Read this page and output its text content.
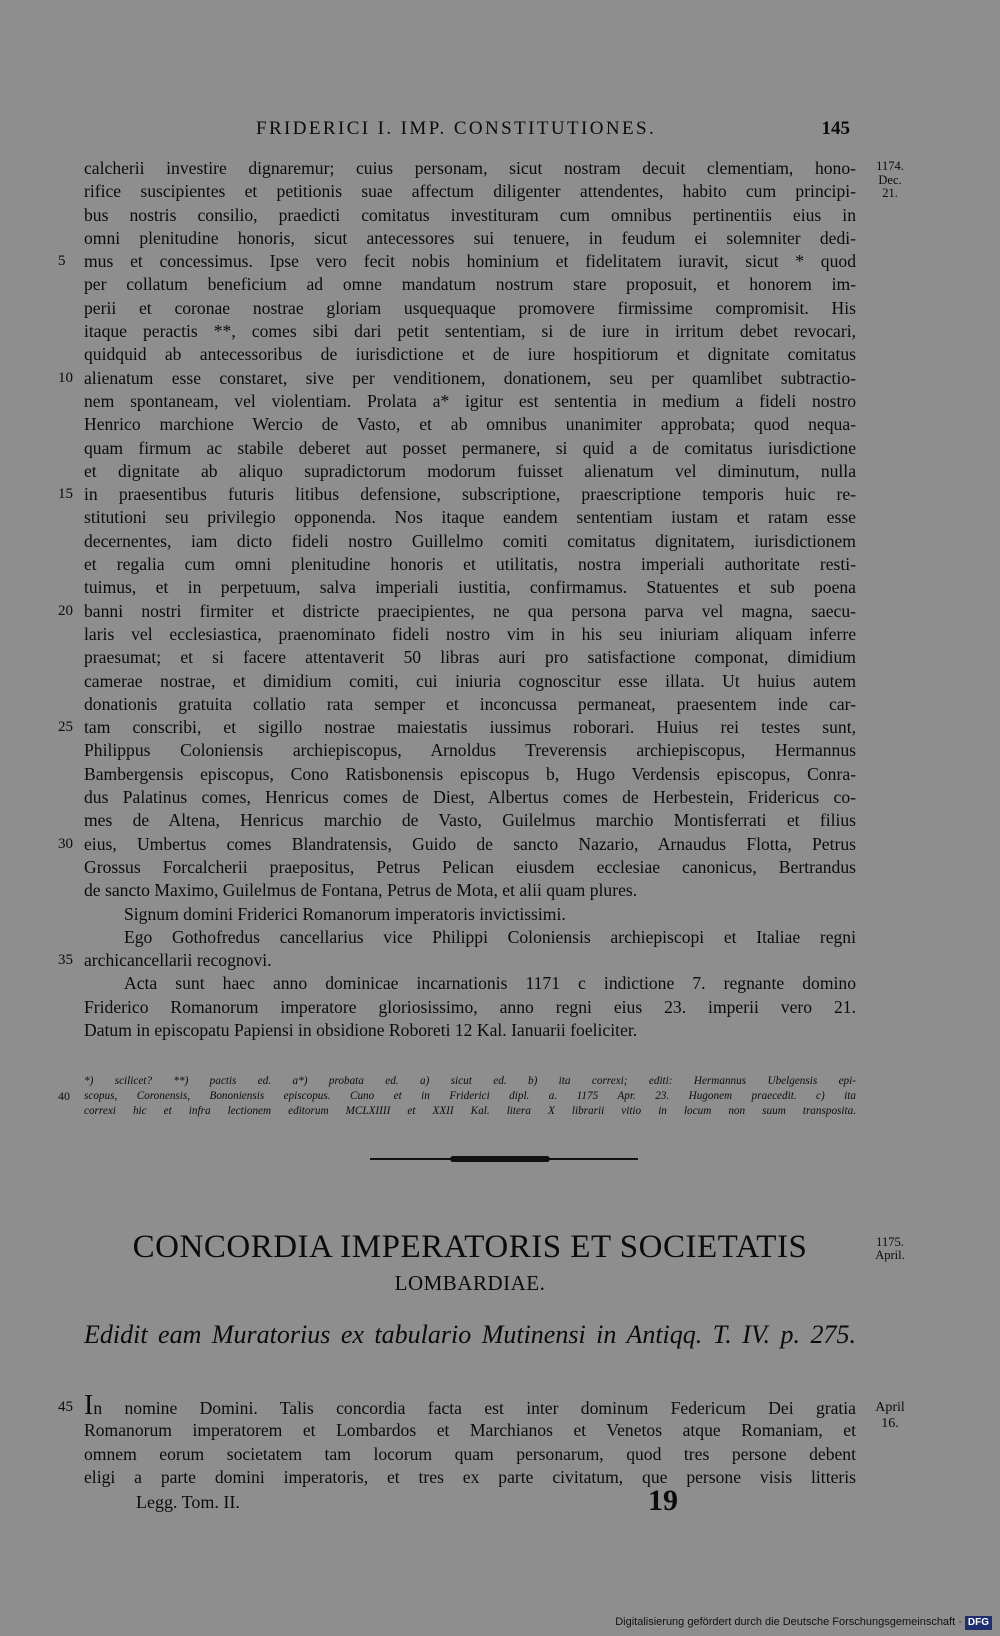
FRIDERICI I. IMP. CONSTITUTIONES.	145
1174.
Dec.
21.
calcherii investire dignaremur; cuius personam, sicut nostram decuit clementiam, hono-
rifice suscipientes et petitionis suae affectum diligenter attendentes, habito cum principi-
bus nostris consilio, praedicti comitatus investituram cum omnibus pertinentiis eius in
omni plenitudine honoris, sicut antecessores sui tenuere, in feudum ei solemniter dedi-
5	mus et concessimus. Ipse vero fecit nobis hominium et fidelitatem iuravit, sicut * quod
per collatum beneficium ad omne mandatum nostrum stare proposuit, et honorem im-
perii et coronae nostrae gloriam usquequaque promovere firmissime compromisit. His
itaque peractis **, comes sibi dari petit sententiam, si de iure in irritum debet revocari,
quidquid ab antecessoribus de iurisdictione et de iure hospitiorum et dignitate comitatus
10 alienatum esse constaret, sive per venditionem, donationem, seu per quamlibet subtractio-
nem spontaneam, vel violentiam. Prolata a* igitur est sententia in medium a fideli nostro
Henrico marchione Wercio de Vasto, et ab omnibus unanimiter approbata; quod nequa-
quam firmum ac stabile deberet aut posset permanere, si quid a de comitatus iurisdictione
et dignitate ab aliquo supradictorum modorum fuisset alienatum vel diminutum, nulla
15 in praesentibus futuris litibus defensione, subscriptione, praescriptione temporis huic re-
stitutioni seu privilegio opponenda. Nos itaque eandem sententiam iustam et ratam esse
decernentes, iam dicto fideli nostro Guillelmo comiti comitatus dignitatem, iurisdictionem
et regalia cum omni plenitudine honoris et utilitatis, nostra imperiali authoritate resti-
tuimus, et in perpetuum, salva imperiali iustitia, confirmamus. Statuentes et sub poena
20 banni nostri firmiter et districte praecipientes, ne qua persona parva vel magna, saecu-
laris vel ecclesiastica, praenominato fideli nostro vim in his seu iniuriam aliquam inferre
praesumat; et si facere attentaverit 50 libras auri pro satisfactione componat, dimidium
camerae nostrae, et dimidium comiti, cui iniuria cognoscitur esse illata. Ut huius autem
donationis gratuita collatio rata semper et inconcussa permaneat, praesentem inde car-
25 tam conscribi, et sigillo nostrae maiestatis iussimus roborari. Huius rei testes sunt,
Philippus Coloniensis archiepiscopus, Arnoldus Treverensis archiepiscopus, Hermannus
Bambergensis episcopus, Cono Ratisbonensis episcopus b, Hugo Verdensis episcopus, Conra-
dus Palatinus comes, Henricus comes de Diest, Albertus comes de Herbestein, Fridericus co-
mes de Altena, Henricus marchio de Vasto, Guilelmus marchio Montisferrati et filius
30 eius, Umbertus comes Blandratensis, Guido de sancto Nazario, Arnaudus Flotta, Petrus
Grossus Forcalcherii praepositus, Petrus Pelican eiusdem ecclesiae canonicus, Bertrandus
de sancto Maximo, Guilelmus de Fontana, Petrus de Mota, et alii quam plures.
Signum domini Friderici Romanorum imperatoris invictissimi.
Ego Gothofredus cancellarius vice Philippi Coloniensis archiepiscopi et Italiae regni
35 archicancellarii recognovi.
Acta sunt haec anno dominicae incarnationis 1171 c indictione 7. regnante domino
Friderico Romanorum imperatore gloriosissimo, anno regni eius 23. imperii vero 21.
Datum in episcopatu Papiensi in obsidione Roboreti 12 Kal. Ianuarii foeliciter.
*) scilicet? **) pactis ed. a*) probata ed. a) sicut ed. b) ita correxi; editi: Hermannus Ubelgensis epi-
40	scopus, Coronensis, Bononiensis episcopus. Cuno et in Friderici dipl. a. 1175 Apr. 23. Hugonem praecedit. c) ita
correxi hic et infra lectionem editorum MCLXIIII et XXII Kal. litera X librarii vitio in locum non suum transposita.
CONCORDIA IMPERATORIS ET SOCIETATIS
LOMBARDIAE.
1175.
April.
Edidit eam Muratorius ex tabulario Mutinensi in Antiqq. T. IV. p. 275.
April
16.
45 In nomine Domini. Talis concordia facta est inter dominum Federicum Dei gratia
Romanorum imperatorem et Lombardos et Marchianos et Venetos atque Romaniam, et
omnem eorum societatem tam locorum quam personarum, quod tres persone debent
eligi a parte domini imperatoris, et tres ex parte civitatum, que persone visis litteris
Legg. Tom. II.	19
Digitalisierung gefördert durch die Deutsche Forschungsgemeinschaft · DFG
